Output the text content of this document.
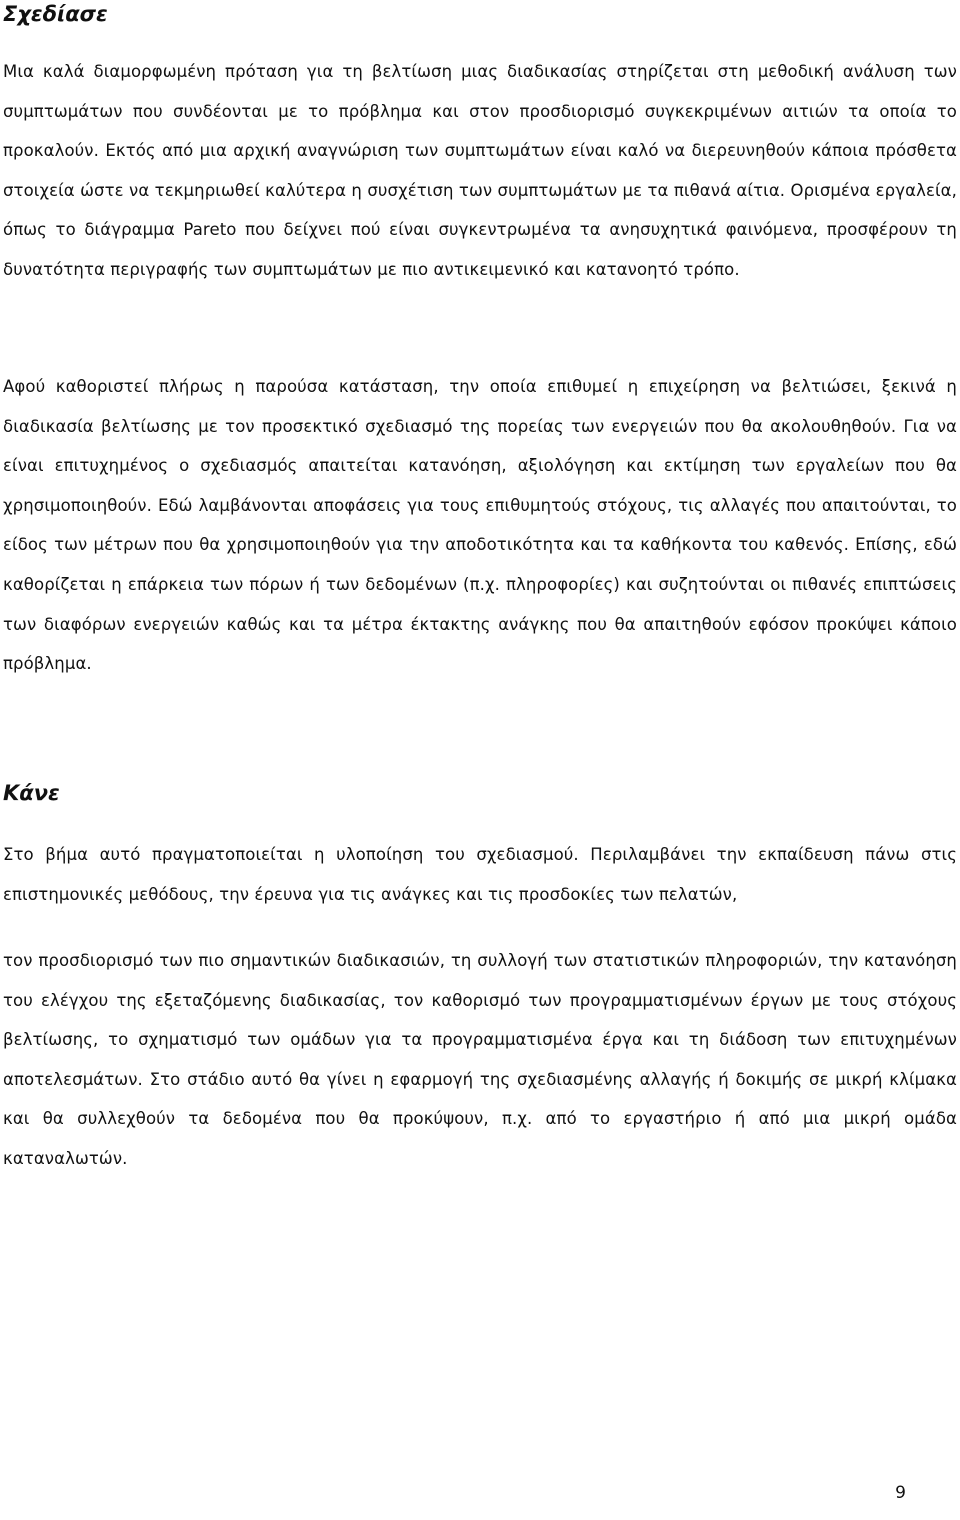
Σχεδίασε

Μια καλά διαμορφωμένη πρόταση για τη βελτίωση μιας διαδικασίας στηρίζεται στη μεθοδική ανάλυση των συμπτωμάτων που συνδέονται με το πρόβλημα και στον προσδιορισμό συγκεκριμένων αιτιών τα οποία το προκαλούν. Εκτός από μια αρχική αναγνώριση των συμπτωμάτων είναι καλό να διερευνηθούν κάποια πρόσθετα στοιχεία ώστε να τεκμηριωθεί καλύτερα η συσχέτιση των συμπτωμάτων με τα πιθανά αίτια. Ορισμένα εργαλεία, όπως το διάγραμμα Pareto που δείχνει πού είναι συγκεντρωμένα τα ανησυχητικά φαινόμενα, προσφέρουν τη δυνατότητα περιγραφής των συμπτωμάτων με πιο αντικειμενικό και κατανοητό τρόπο.

Αφού καθοριστεί πλήρως η παρούσα κατάσταση, την οποία επιθυμεί η επιχείρηση να βελτιώσει, ξεκινά η διαδικασία βελτίωσης με τον προσεκτικό σχεδιασμό της πορείας των ενεργειών που θα ακολουθηθούν. Για να είναι επιτυχημένος ο σχεδιασμός απαιτείται κατανόηση, αξιολόγηση και εκτίμηση των εργαλείων που θα χρησιμοποιηθούν. Εδώ λαμβάνονται αποφάσεις για τους επιθυμητούς στόχους, τις αλλαγές που απαιτούνται, το είδος των μέτρων που θα χρησιμοποιηθούν για την αποδοτικότητα και τα καθήκοντα του καθενός. Επίσης, εδώ καθορίζεται η επάρκεια των πόρων ή των δεδομένων (π.χ. πληροφορίες) και συζητούνται οι πιθανές επιπτώσεις των διαφόρων ενεργειών καθώς και τα μέτρα έκτακτης ανάγκης που θα απαιτηθούν εφόσον προκύψει κάποιο πρόβλημα.

Κάνε

Στο βήμα αυτό πραγματοποιείται η υλοποίηση του σχεδιασμού. Περιλαμβάνει την εκπαίδευση πάνω στις επιστημονικές μεθόδους, την έρευνα για τις ανάγκες και τις προσδοκίες των πελατών,

τον προσδιορισμό των πιο σημαντικών διαδικασιών, τη συλλογή των στατιστικών πληροφοριών, την κατανόηση του ελέγχου της εξεταζόμενης διαδικασίας, τον καθορισμό των προγραμματισμένων έργων με τους στόχους βελτίωσης, το σχηματισμό των ομάδων για τα προγραμματισμένα έργα και τη διάδοση των επιτυχημένων αποτελεσμάτων. Στο στάδιο αυτό θα γίνει η εφαρμογή της σχεδιασμένης αλλαγής ή δοκιμής σε μικρή κλίμακα και θα συλλεχθούν τα δεδομένα που θα προκύψουν, π.χ. από το εργαστήριο ή από μια μικρή ομάδα καταναλωτών.

9
